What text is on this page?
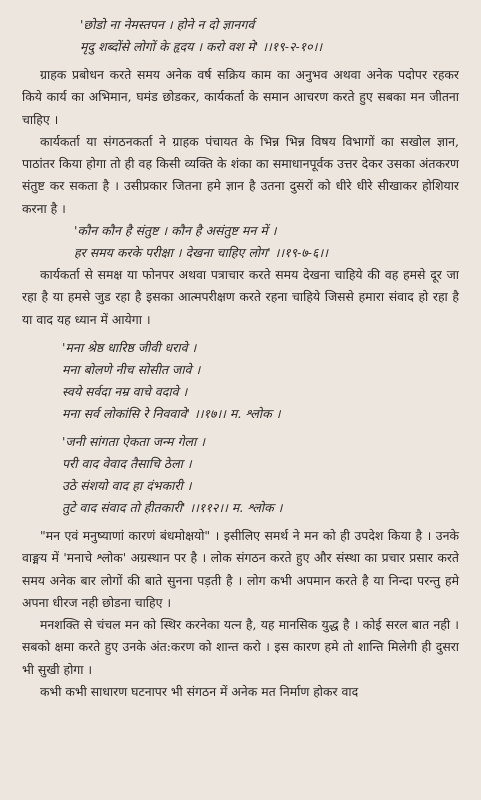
'छोडो ना नेमस्तपन । होने न दो ज्ञानगर्व
मृदु शब्दोंसे लोगों के हृदय । करो वश मे' ।।१९-२-१०।।

ग्राहक प्रबोधन करते समय अनेक वर्ष सक्रिय काम का अनुभव अथवा अनेक पदोपर रहकर किये कार्य का अभिमान, घमंड छोडकर, कार्यकर्ता के समान आचरण करते हुए सबका मन जीतना चाहिए ।

कार्यकर्ता या संगठनकर्ता ने ग्राहक पंचायत के भिन्न भिन्न विषय विभागों का सखोल ज्ञान, पाठांतर किया होगा तो ही वह किसी व्यक्ति के शंका का समाधानपूर्वक उत्तर देकर उसका अंतकरण संतुष्ट कर सकता है । उसीप्रकार जितना हमे ज्ञान है उतना दुसरों को धीरे धीरे सीखाकर होशियार करना है ।

'कौन कौन है संतुष्ट । कौन है असंतुष्ट मन में ।
हर समय करके परीक्षा । देखना चाहिए लोग' ।।१९-७-६।।

कार्यकर्ता से समक्ष या फोनपर अथवा पत्राचार करते समय देखना चाहिये की वह हमसे दूर जा रहा है या हमसे जुड रहा है इसका आत्मपरीक्षण करते रहना चाहिये जिससे हमारा संवाद हो रहा है या वाद यह ध्यान में आयेगा ।

'मना श्रेष्ठ धारिष्ठ जीवी धरावे ।
मना बोलणे नीच सोसीत जावे ।
स्वये सर्वदा नम्र वाचे वदावे ।
मना सर्व लोकांसि रे निववावे' ।।१७।। म. श्लोक ।
'जनी सांगता ऐकता जन्म गेला ।
परी वाद वेवाद तैसाचि ठेला ।
उठे संशयो वाद हा दंभकारी ।
तुटे वाद संवाद तो हीतकारी' ।।११२।। म. श्लोक ।

"मन एवं मनुष्याणां कारणं बंधमोक्षयो" । इसीलिए समर्थ ने मन को ही उपदेश किया है । उनके वाङ्मय में 'मनाचे श्लोक' अग्रस्थान पर है । लोक संगठन करते हुए और संस्था का प्रचार प्रसार करते समय अनेक बार लोगों की बाते सुनना पड़ती है । लोग कभी अपमान करते है या निन्दा परन्तु हमे अपना धीरज नही छोडना चाहिए ।

मनशक्ति से चंचल मन को स्थिर करनेका यत्न है, यह मानसिक युद्ध है । कोई सरल बात नही । सबको क्षमा करते हुए उनके अंत:करण को शान्त करो । इस कारण हमे तो शान्ति मिलेगी ही दुसरा भी सुखी होगा ।

कभी कभी साधारण घटनापर भी संगठन में अनेक मत निर्माण होकर वाद
